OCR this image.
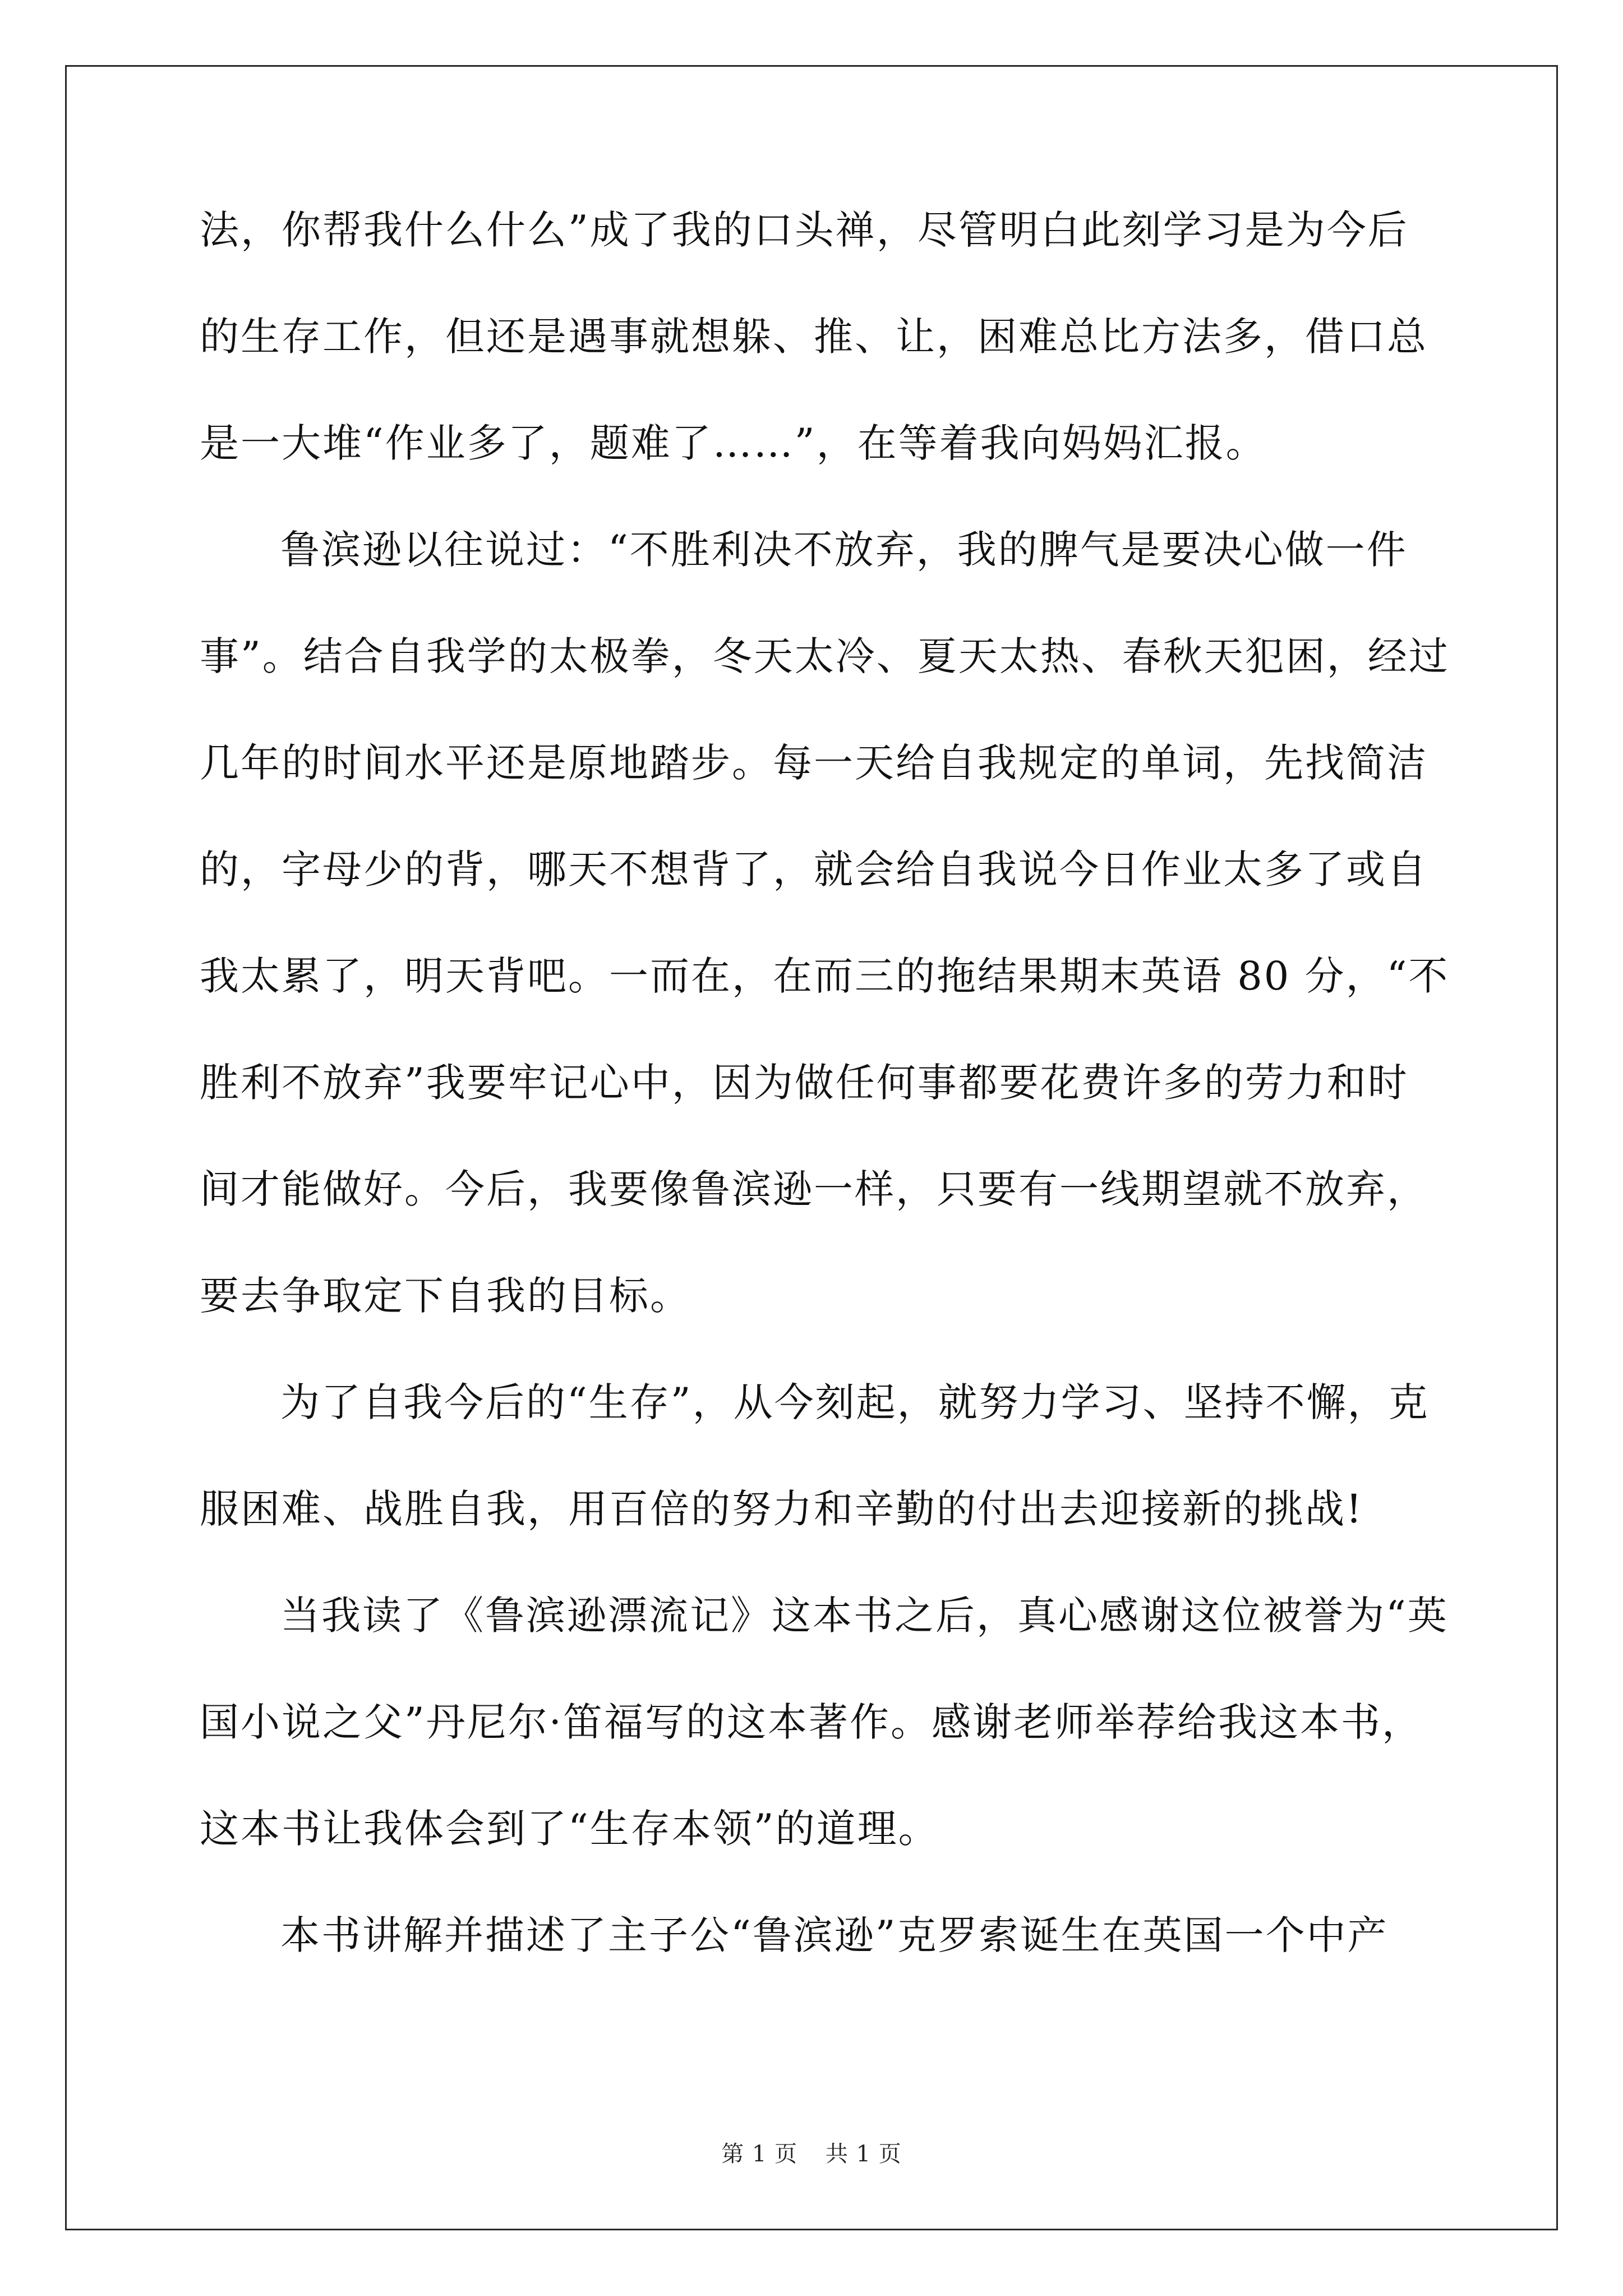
法，你帮我什么什么”成了我的口头禅，尽管明白此刻学习是为今后
的生存工作，但还是遇事就想躲、推、让，困难总比方法多，借口总
是一大堆“作业多了，题难了……”，在等着我向妈妈汇报。
鲁滨逊以往说过：“不胜利决不放弃，我的脾气是要决心做一件
事”。结合自我学的太极拳，冬天太冷、夏天太热、春秋天犯困，经过
几年的时间水平还是原地踏步。每一天给自我规定的单词，先找简洁
的，字母少的背，哪天不想背了，就会给自我说今日作业太多了或自
我太累了，明天背吧。一而在，在而三的拖结果期末英语 80 分，“不
胜利不放弃”我要牢记心中，因为做任何事都要花费许多的劳力和时
间才能做好。今后，我要像鲁滨逊一样，只要有一线期望就不放弃，
要去争取定下自我的目标。
为了自我今后的“生存”，从今刻起，就努力学习、坚持不懈，克
服困难、战胜自我，用百倍的努力和辛勤的付出去迎接新的挑战!
当我读了《鲁滨逊漂流记》这本书之后，真心感谢这位被誉为“英
国小说之父”丹尼尔·笛福写的这本著作。感谢老师举荐给我这本书，
这本书让我体会到了“生存本领”的道理。
本书讲解并描述了主子公“鲁滨逊”克罗索诞生在英国一个中产
第 1 页 共 1 页
